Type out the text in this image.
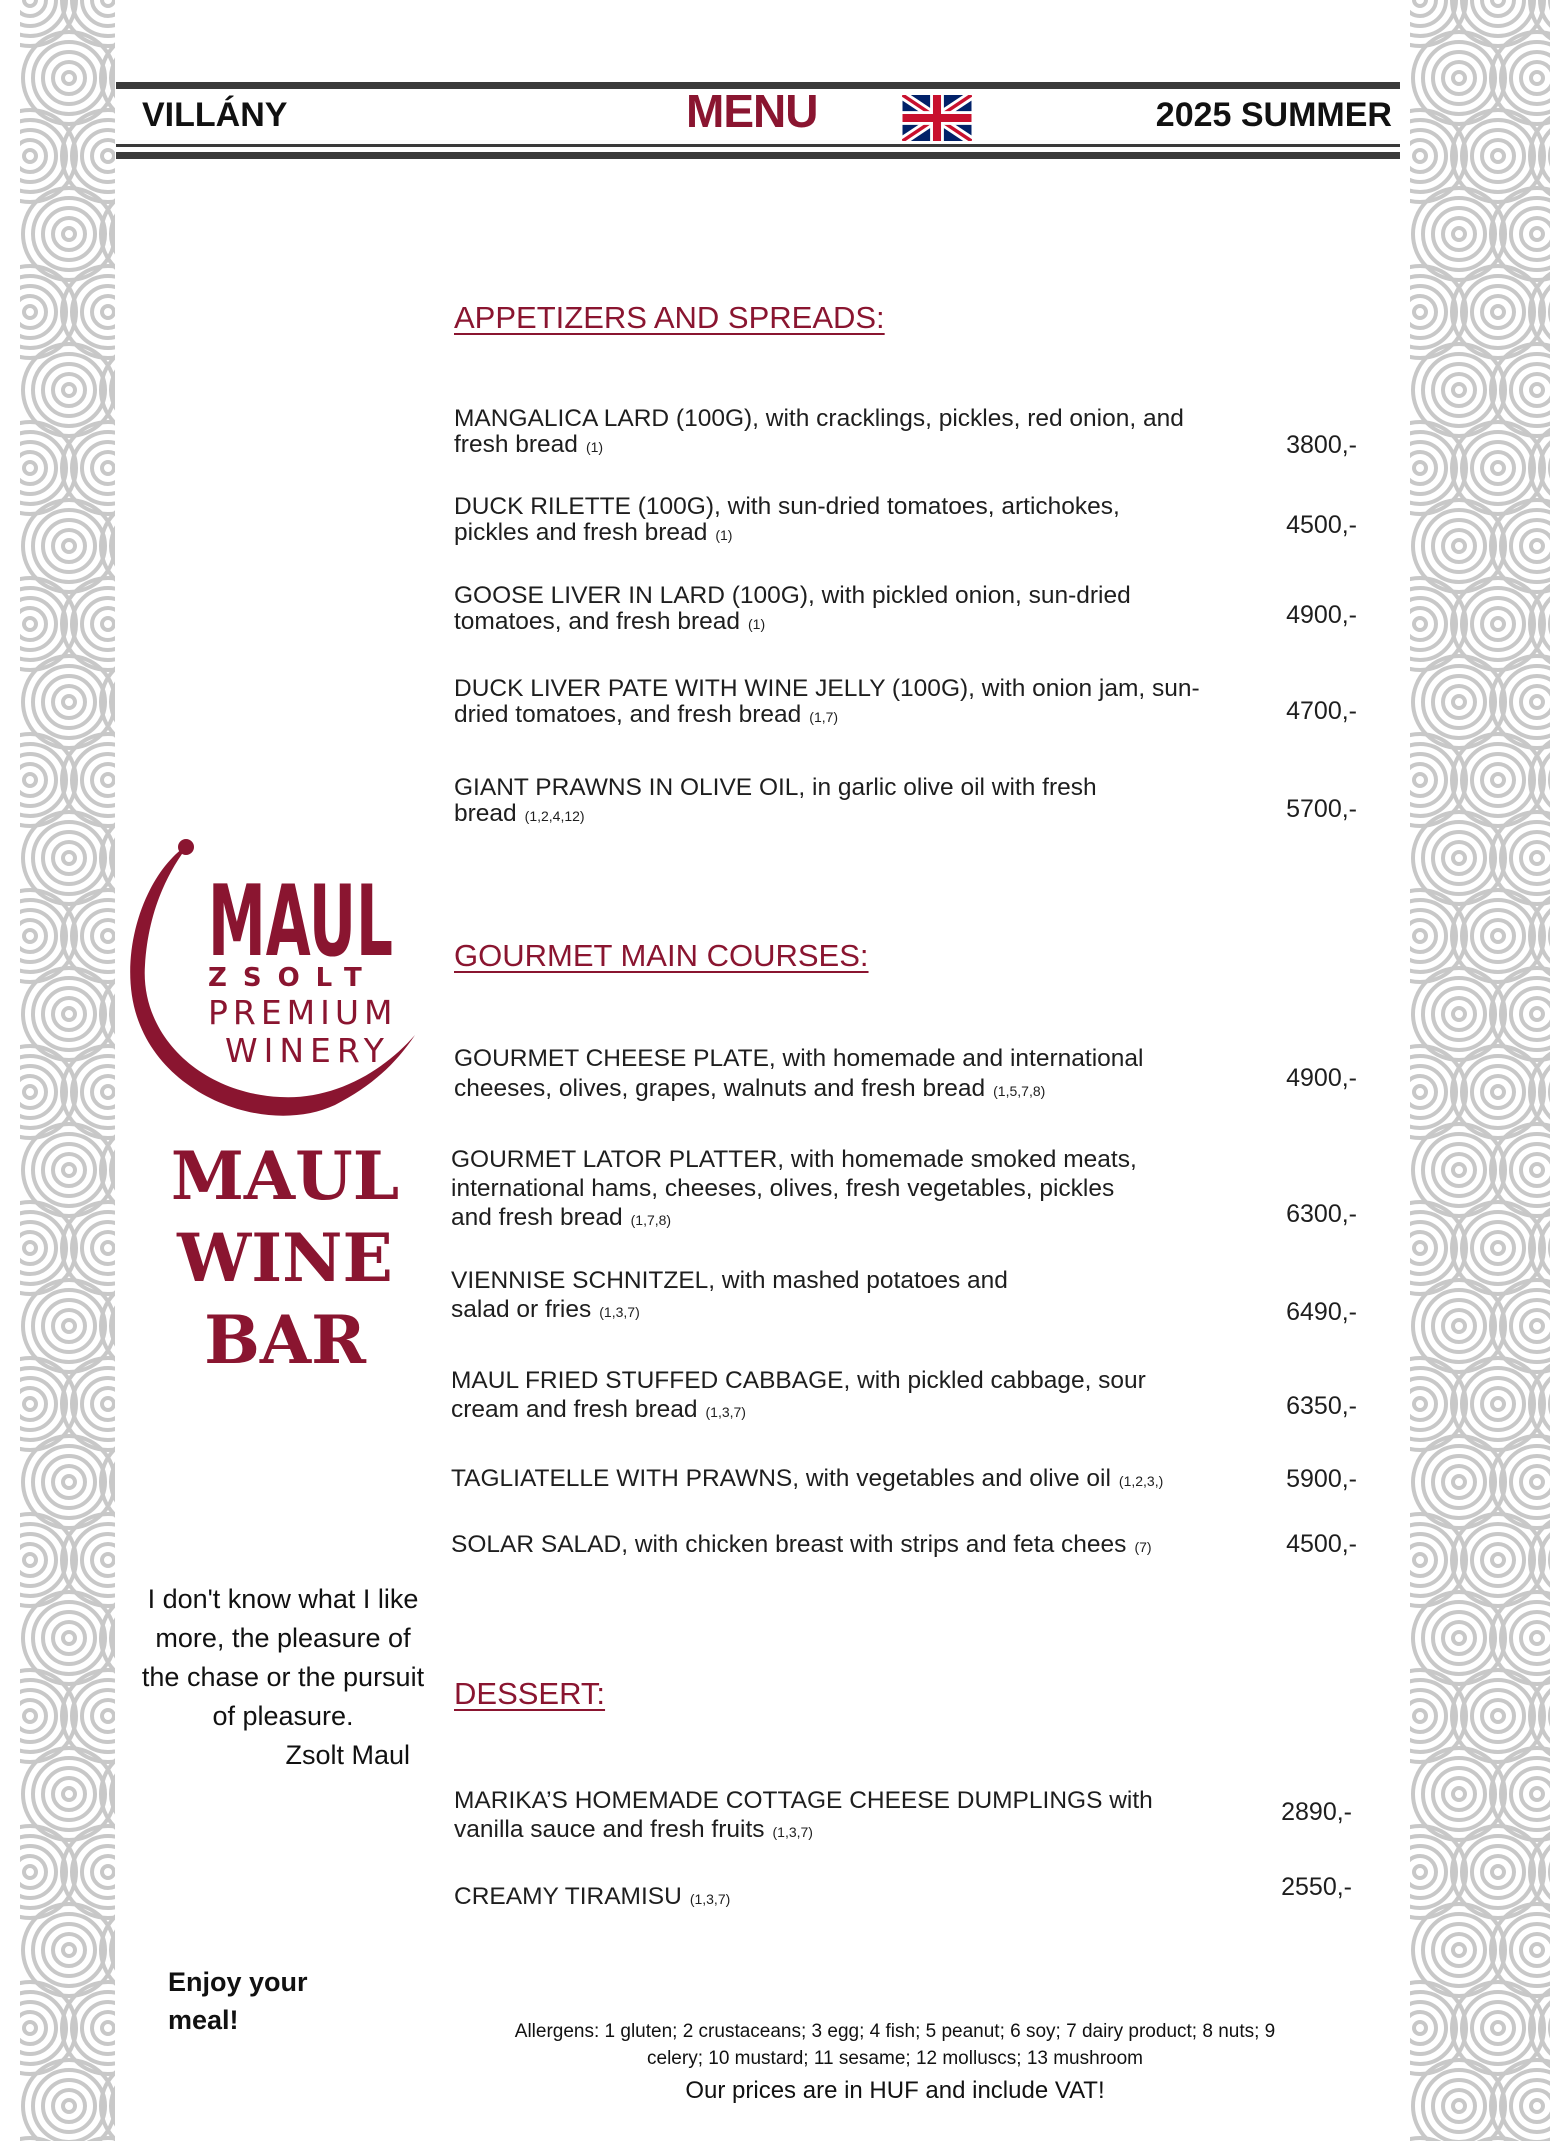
VILLÁNY	MENU	2025 SUMMER
APPETIZERS AND SPREADS:
MANGALICA LARD (100G), with cracklings, pickles, red onion, and
fresh bread (1)	3800,-
DUCK RILETTE (100G), with sun-dried tomatoes, artichokes,
pickles and fresh bread (1)	4500,-
GOOSE LIVER IN LARD (100G), with pickled onion, sun-dried
tomatoes, and fresh bread (1)	4900,-
DUCK LIVER PATE WITH WINE JELLY (100G), with onion jam, sun-
dried tomatoes, and fresh bread (1,7)	4700,-
GIANT PRAWNS IN OLIVE OIL, in garlic olive oil with fresh
bread (1,2,4,12)	5700,-
GOURMET MAIN COURSES:
GOURMET CHEESE PLATE, with homemade and international
cheeses, olives, grapes, walnuts and fresh bread (1,5,7,8)	4900,-
GOURMET LATOR PLATTER, with homemade smoked meats,
international hams, cheeses, olives, fresh vegetables, pickles
and fresh bread (1,7,8)	6300,-
VIENNISE SCHNITZEL, with mashed potatoes and
salad or fries (1,3,7)	6490,-
MAUL FRIED STUFFED CABBAGE, with pickled cabbage, sour
cream and fresh bread (1,3,7)	6350,-
TAGLIATELLE WITH PRAWNS, with vegetables and olive oil (1,2,3,)	5900,-
SOLAR SALAD, with chicken breast with strips and feta chees (7)	4500,-
DESSERT:
MARIKA’S HOMEMADE COTTAGE CHEESE DUMPLINGS with
vanilla sauce and fresh fruits (1,3,7)
2890,-
CREAMY TIRAMISU (1,3,7)	2550,-
MAUL
ZSOLT
PREMIUM
WINERY
MAUL
WINE
BAR
I don't know what I like
more, the pleasure of
the chase or the pursuit
of pleasure.
Zsolt Maul
Enjoy your
meal!	Allergens: 1 gluten; 2 crustaceans; 3 egg; 4 fish; 5 peanut; 6 soy; 7 dairy product; 8 nuts; 9
celery; 10 mustard; 11 sesame; 12 molluscs; 13 mushroom
Our prices are in HUF and include VAT!
